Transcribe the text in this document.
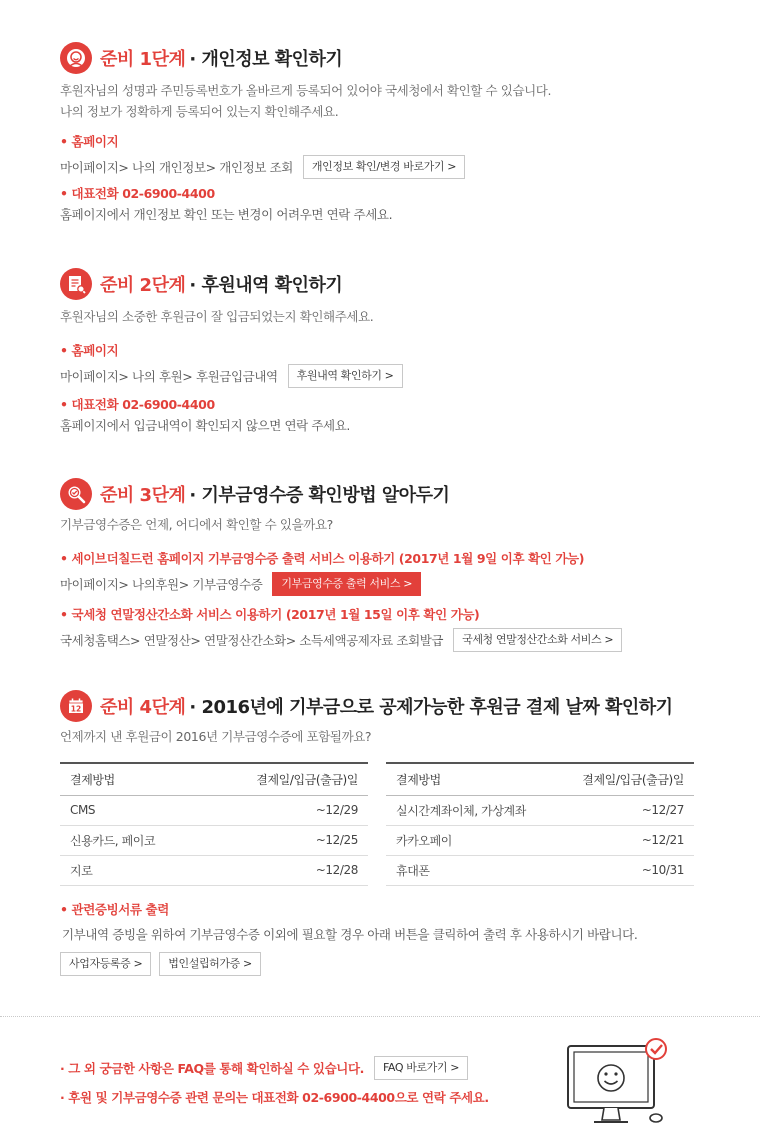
준비 1단계 · 개인정보 확인하기
후원자님의 성명과 주민등록번호가 올바르게 등록되어 있어야 국세청에서 확인할 수 있습니다.
나의 정보가 정확하게 등록되어 있는지 확인해주세요.
• 홈페이지
마이페이지> 나의 개인정보> 개인정보 조회	개인정보 확인/변경 바로가기 >
• 대표전화 02-6900-4400
홈페이지에서 개인정보 확인 또는 변경이 어려우면 연락 주세요.
준비 2단계 · 후원내역 확인하기
후원자님의 소중한 후원금이 잘 입금되었는지 확인해주세요.
• 홈페이지
마이페이지> 나의 후원> 후원금입금내역	후원내역 확인하기 >
• 대표전화 02-6900-4400
홈페이지에서 입금내역이 확인되지 않으면 연락 주세요.
준비 3단계 · 기부금영수증 확인방법 알아두기
기부금영수증은 언제, 어디에서 확인할 수 있을까요?
• 세이브더칠드런 홈페이지 기부금영수증 출력 서비스 이용하기 (2017년 1월 9일 이후 확인 가능)
마이페이지> 나의후원> 기부금영수증	기부금영수증 출력 서비스 >
• 국세청 연말정산간소화 서비스 이용하기 (2017년 1월 15일 이후 확인 가능)
국세청홈택스> 연말정산> 연말정산간소화> 소득세액공제자료 조회발급	국세청 연말정산간소화 서비스 >
12 준비 4단계 · 2016년에 기부금으로 공제가능한 후원금 결제 날짜 확인하기
언제까지 낸 후원금이 2016년 기부금영수증에 포함될까요?
결제방법	결제일/입금(출금)일
CMS	~12/29
신용카드, 페이코	~12/25
지로	~12/28
결제방법	결제일/입금(출금)일
실시간계좌이체, 가상계좌	~12/27
카카오페이	~12/21
휴대폰	~10/31
• 관련증빙서류 출력
기부내역 증빙을 위하여 기부금영수증 이외에 필요할 경우 아래 버튼을 클릭하여 출력 후 사용하시기 바랍니다.
사업자등록증 >	법인설립허가증 >
· 그 외 궁금한 사항은 FAQ를 통해 확인하실 수 있습니다.	FAQ 바로가기 >
· 후원 및 기부금영수증 관련 문의는 대표전화 02-6900-4400으로 연락 주세요.
